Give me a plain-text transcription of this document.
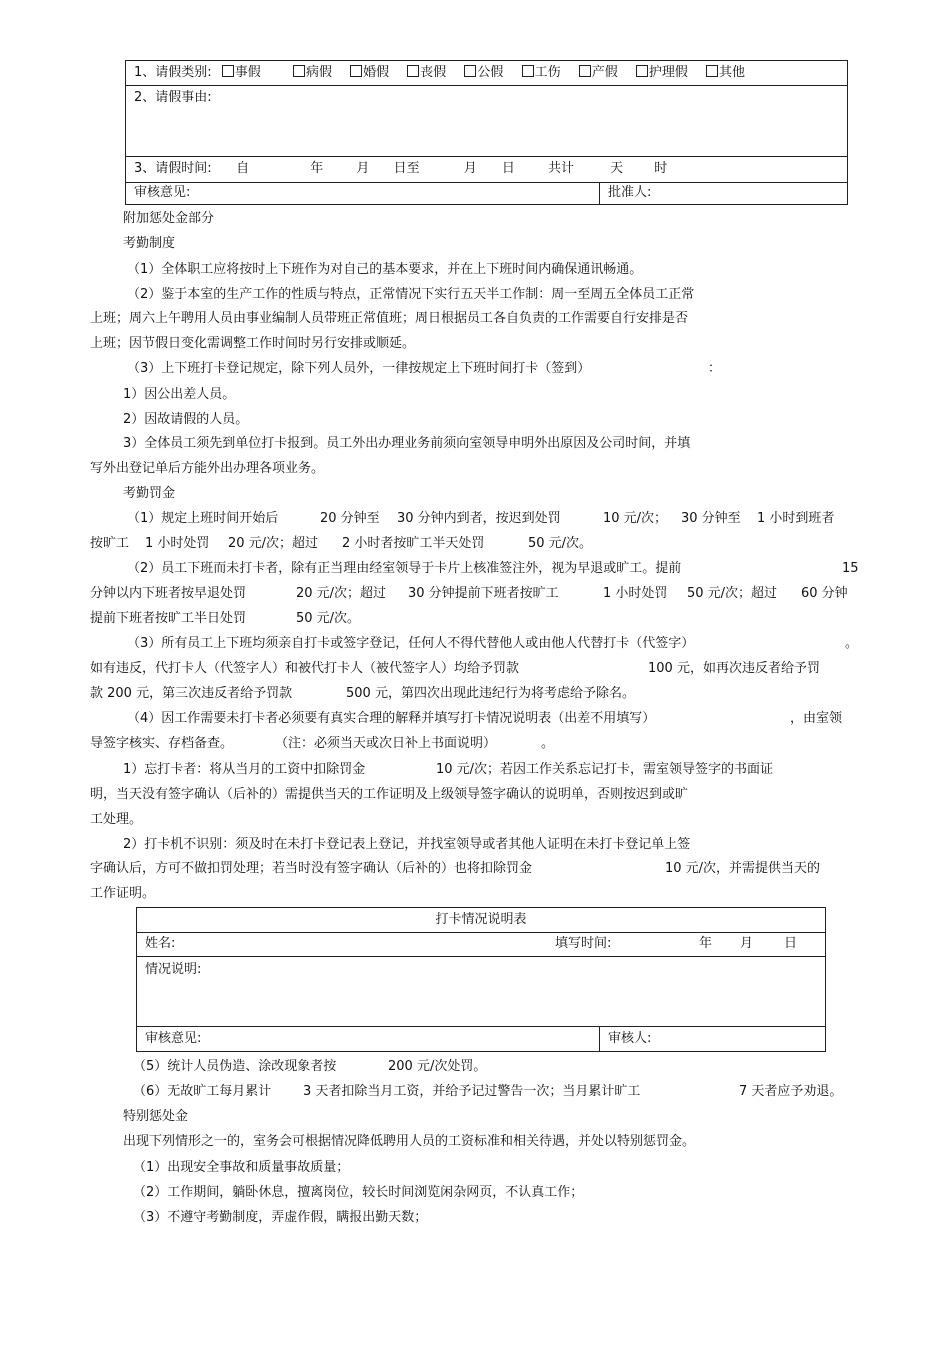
1、请假类别: 事假	病假 婚假 丧假 公假 工伤 产假 护理假 其他
2、请假事由:
3、请假时间: 自	年	月 日至	月 日	共计	天 时
审核意见:	批准人:
附加惩处金部分
考勤制度
（1）全体职工应将按时上下班作为对自己的基本要求，并在上下班时间内确保通讯畅通。
（2）鉴于本室的生产工作的性质与特点，正常情况下实行五天半工作制：周一至周五全体员工正常
上班；周六上午聘用人员由事业编制人员带班正常值班；周日根据员工各自负责的工作需要自行安排是否
上班；因节假日变化需调整工作时间时另行安排或顺延。
（3）上下班打卡登记规定，除下列人员外，一律按规定上下班时间打卡（签到）	：
1）因公出差人员。
2）因故请假的人员。
3）全体员工须先到单位打卡报到。员工外出办理业务前须向室领导申明外出原因及公司时间，并填
写外出登记单后方能外出办理各项业务。
考勤罚金
（1）规定上班时间开始后	20 分钟至 30 分钟内到者，按迟到处罚	10 元/次； 30 分钟至 1 小时到班者
按旷工 1 小时处罚 20 元/次；超过 2 小时者按旷工半天处罚	50 元/次。
（2）员工下班而未打卡者，除有正当理由经室领导于卡片上核准签注外，视为早退或旷工。提前	15
分钟以内下班者按早退处罚	20 元/次；超过 30 分钟提前下班者按旷工	1 小时处罚 50 元/次；超过 60 分钟
提前下班者按旷工半日处罚	50 元/次。
（3）所有员工上下班均须亲自打卡或签字登记，任何人不得代替他人或由他人代替打卡（代签字）	。
如有违反，代打卡人（代签字人）和被代打卡人（被代签字人）均给予罚款	100 元，如再次违反者给予罚
款 200 元，第三次违反者给予罚款	500 元，第四次出现此违纪行为将考虑给予除名。
（4）因工作需要未打卡者必须要有真实合理的解释并填写打卡情况说明表（出差不用填写）	，由室领
导签字核实、存档备查。	（注：必须当天或次日补上书面说明）	。
1）忘打卡者：将从当月的工资中扣除罚金	10 元/次；若因工作关系忘记打卡，需室领导签字的书面证
明，当天没有签字确认（后补的）需提供当天的工作证明及上级领导签字确认的说明单，否则按迟到或旷
工处理。
2）打卡机不识别：须及时在未打卡登记表上登记，并找室领导或者其他人证明在未打卡登记单上签
字确认后，方可不做扣罚处理；若当时没有签字确认（后补的）也将扣除罚金	10 元/次，并需提供当天的
工作证明。
打卡情况说明表
姓名:	填写时间:	年 月 日

情况说明:
审核意见:	审核人:
（5）统计人员伪造、涂改现象者按	200 元/次处罚。
（6）无故旷工每月累计 3 天者扣除当月工资，并给予记过警告一次；当月累计旷工	7 天者应予劝退。
特别惩处金
出现下列情形之一的，室务会可根据情况降低聘用人员的工资标准和相关待遇，并处以特别惩罚金。
（1）出现安全事故和质量事故质量；
（2）工作期间，躺卧休息，擅离岗位，较长时间浏览闲杂网页，不认真工作；
（3）不遵守考勤制度，弄虚作假，瞒报出勤天数；
